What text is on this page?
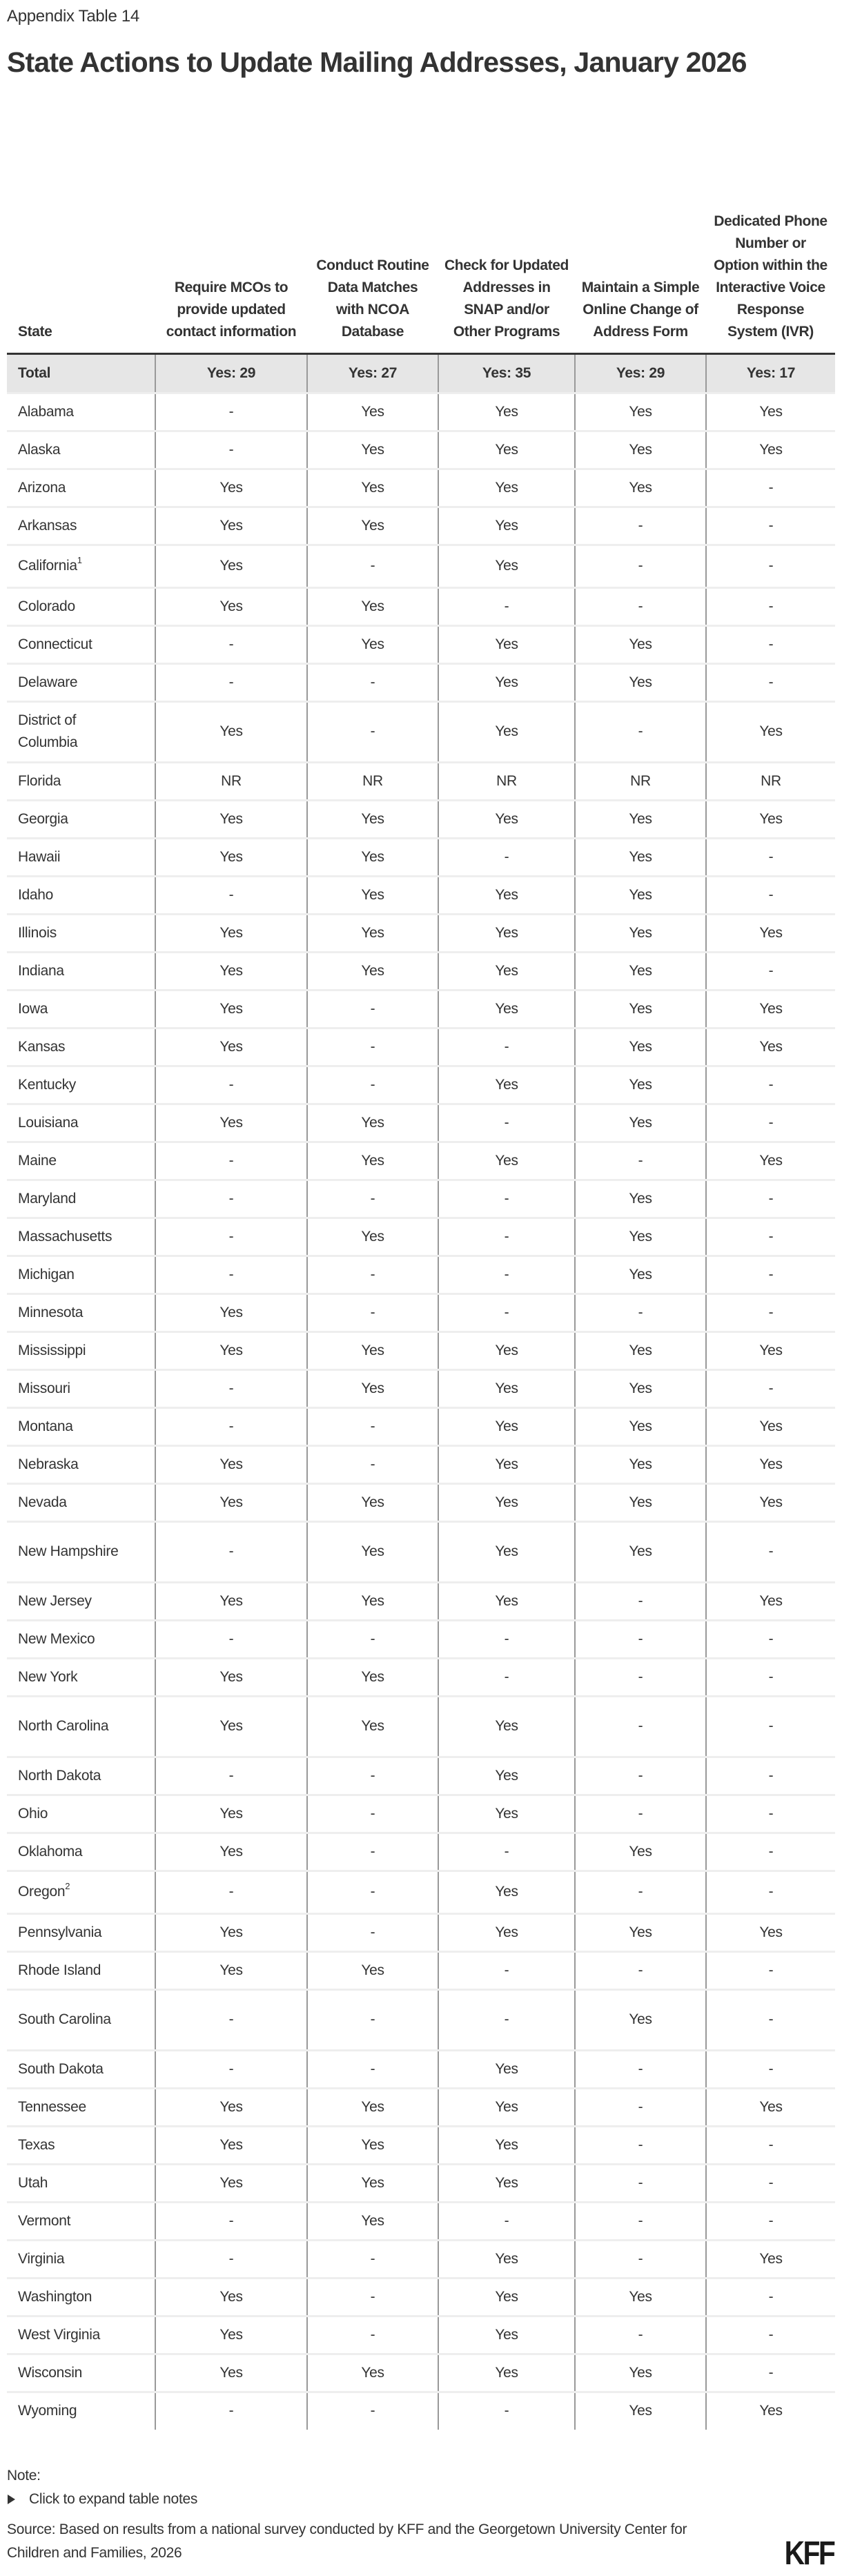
Appendix Table 14
State Actions to Update Mailing Addresses, January 2026
State	Require MCOs to provide updated contact information	Conduct Routine Data Matches with NCOA Database	Check for Updated Addresses in SNAP and/or Other Programs	Maintain a Simple Online Change of Address Form	Dedicated Phone Number or Option within the Interactive Voice Response System (IVR)
Total	Yes: 29	Yes: 27	Yes: 35	Yes: 29	Yes: 17
Alabama	-	Yes	Yes	Yes	Yes
Alaska	-	Yes	Yes	Yes	Yes
Arizona	Yes	Yes	Yes	Yes	-
Arkansas	Yes	Yes	Yes	-	-
California$^1$	Yes	-	Yes	-	-
Colorado	Yes	Yes	-	-	-
Connecticut	-	Yes	Yes	Yes	-
Delaware	-	-	Yes	Yes	-
District of Columbia	Yes	-	Yes	-	Yes
Florida	NR	NR	NR	NR	NR
Georgia	Yes	Yes	Yes	Yes	Yes
Hawaii	Yes	Yes	-	Yes	-
Idaho	-	Yes	Yes	Yes	-
Illinois	Yes	Yes	Yes	Yes	Yes
Indiana	Yes	Yes	Yes	Yes	-
Iowa	Yes	-	Yes	Yes	Yes
Kansas	Yes	-	-	Yes	Yes
Kentucky	-	-	Yes	Yes	-
Louisiana	Yes	Yes	-	Yes	-
Maine	-	Yes	Yes	-	Yes
Maryland	-	-	-	Yes	-
Massachusetts	-	Yes	-	Yes	-
Michigan	-	-	-	Yes	-
Minnesota	Yes	-	-	-	-
Mississippi	Yes	Yes	Yes	Yes	Yes
Missouri	-	Yes	Yes	Yes	-
Montana	-	-	Yes	Yes	Yes
Nebraska	Yes	-	Yes	Yes	Yes
Nevada	Yes	Yes	Yes	Yes	Yes
New Hampshire	-	Yes	Yes	Yes	-
New Jersey	Yes	Yes	Yes	-	Yes
New Mexico	-	-	-	-	-
New York	Yes	Yes	-	-	-
North Carolina	Yes	Yes	Yes	-	-
North Dakota	-	-	Yes	-	-
Ohio	Yes	-	Yes	-	-
Oklahoma	Yes	-	-	Yes	-
Oregon$^2$	-	-	Yes	-	-
Pennsylvania	Yes	-	Yes	Yes	Yes
Rhode Island	Yes	Yes	-	-	-
South Carolina	-	-	-	Yes	-
South Dakota	-	-	Yes	-	-
Tennessee	Yes	Yes	Yes	-	Yes
Texas	Yes	Yes	Yes	-	-
Utah	Yes	Yes	Yes	-	-
Vermont	-	Yes	-	-	-
Virginia	-	-	Yes	-	Yes
Washington	Yes	-	Yes	Yes	-
West Virginia	Yes	-	Yes	-	-
Wisconsin	Yes	Yes	Yes	Yes	-
Wyoming	-	-	-	Yes	Yes
Note:
Click to expand table notes
Source: Based on results from a national survey conducted by KFF and the Georgetown University Center for Children and Families, 2026	KFF
